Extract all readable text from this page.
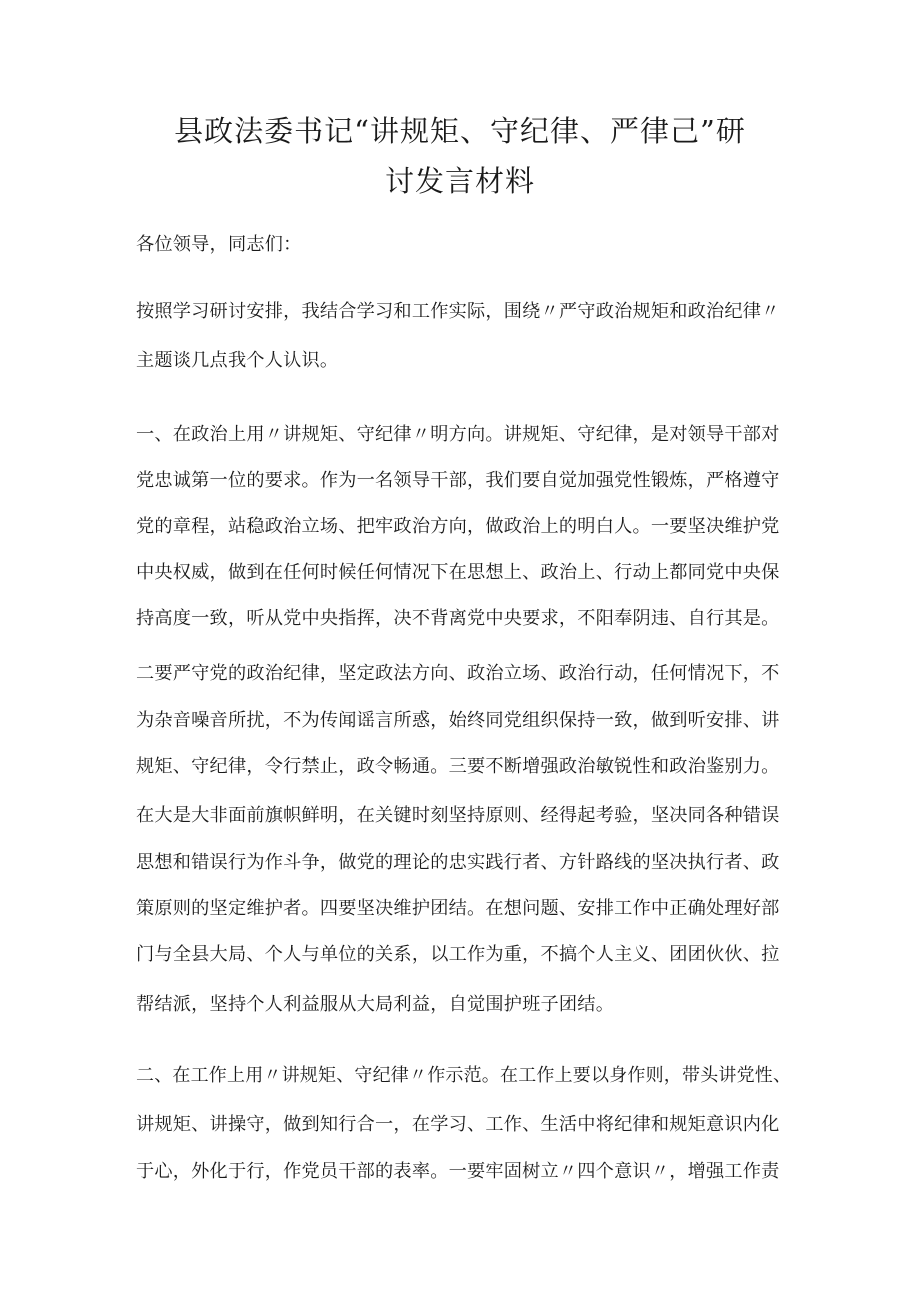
县政法委书记“讲规矩、守纪律、严律己”研
讨发言材料
各位领导，同志们：
按照学习研讨安排，我结合学习和工作实际，围绕〃严守政治规矩和政治纪律〃
主题谈几点我个人认识。
一、在政治上用〃讲规矩、守纪律〃明方向。讲规矩、守纪律，是对领导干部对
党忠诚第一位的要求。作为一名领导干部，我们要自觉加强党性锻炼，严格遵守
党的章程，站稳政治立场、把牢政治方向，做政治上的明白人。一要坚决维护党
中央权威，做到在任何时候任何情况下在思想上、政治上、行动上都同党中央保
持高度一致，听从党中央指挥，决不背离党中央要求，不阳奉阴违、自行其是。
二要严守党的政治纪律，坚定政法方向、政治立场、政治行动，任何情况下，不
为杂音噪音所扰，不为传闻谣言所惑，始终同党组织保持一致，做到听安排、讲
规矩、守纪律，令行禁止，政令畅通。三要不断增强政治敏锐性和政治鉴别力。
在大是大非面前旗帜鲜明，在关键时刻坚持原则、经得起考验，坚决同各种错误
思想和错误行为作斗争，做党的理论的忠实践行者、方针路线的坚决执行者、政
策原则的坚定维护者。四要坚决维护团结。在想问题、安排工作中正确处理好部
门与全县大局、个人与单位的关系，以工作为重，不搞个人主义、团团伙伙、拉
帮结派，坚持个人利益服从大局利益，自觉围护班子团结。
二、在工作上用〃讲规矩、守纪律〃作示范。在工作上要以身作则，带头讲党性、
讲规矩、讲操守，做到知行合一，在学习、工作、生活中将纪律和规矩意识内化
于心，外化于行，作党员干部的表率。一要牢固树立〃四个意识〃，增强工作责
